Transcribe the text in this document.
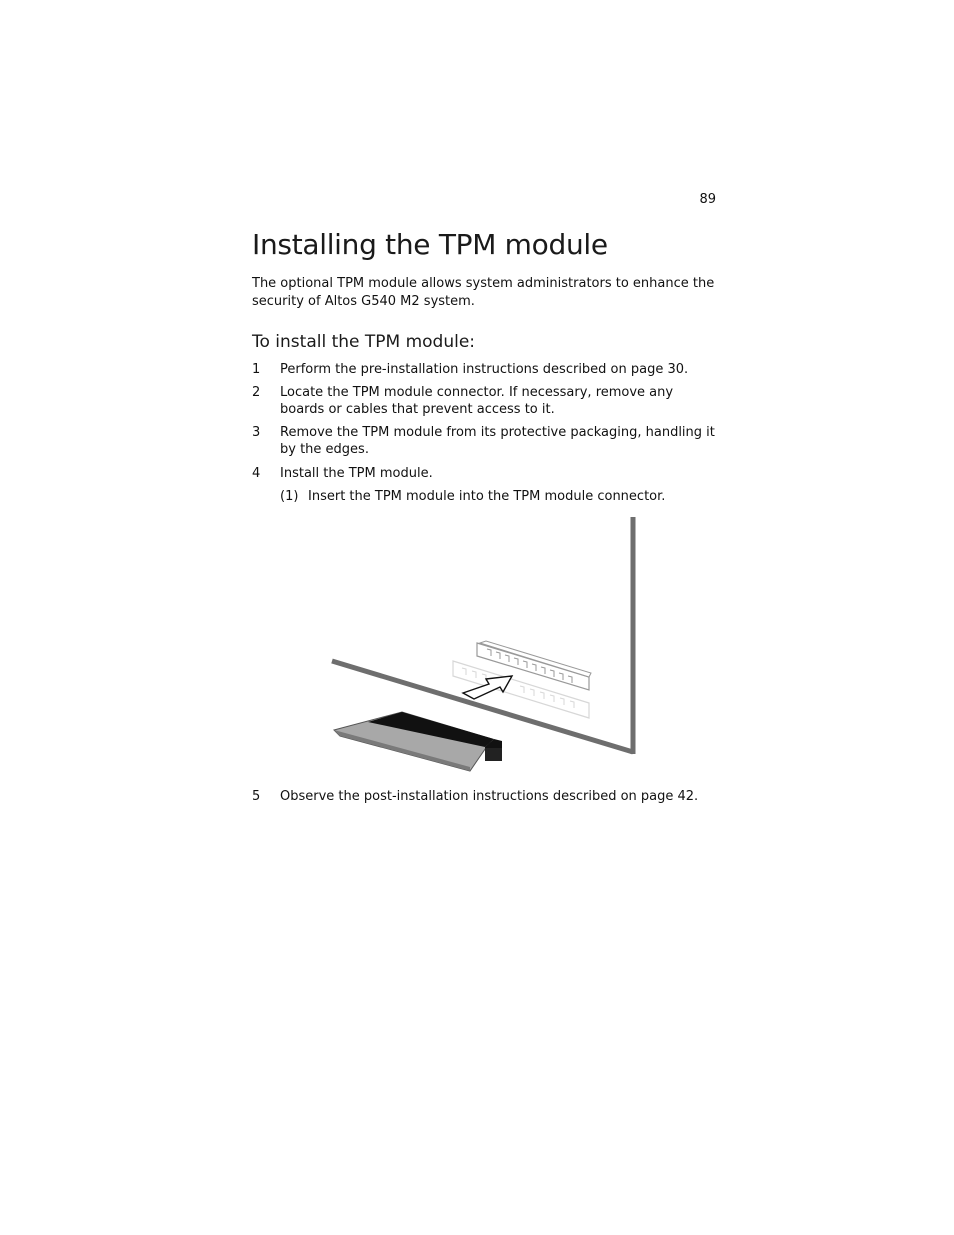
89
Installing the TPM module

The optional TPM module allows system administrators to enhance the security of Altos G540 M2 system.

To install the TPM module:
1 Perform the pre-installation instructions described on page 30.
2 Locate the TPM module connector. If necessary, remove any boards or cables that prevent access to it.
3 Remove the TPM module from its protective packaging, handling it by the edges.
4 Install the TPM module.
(1) Insert the TPM module into the TPM module connector.
5 Observe the post-installation instructions described on page 42.
